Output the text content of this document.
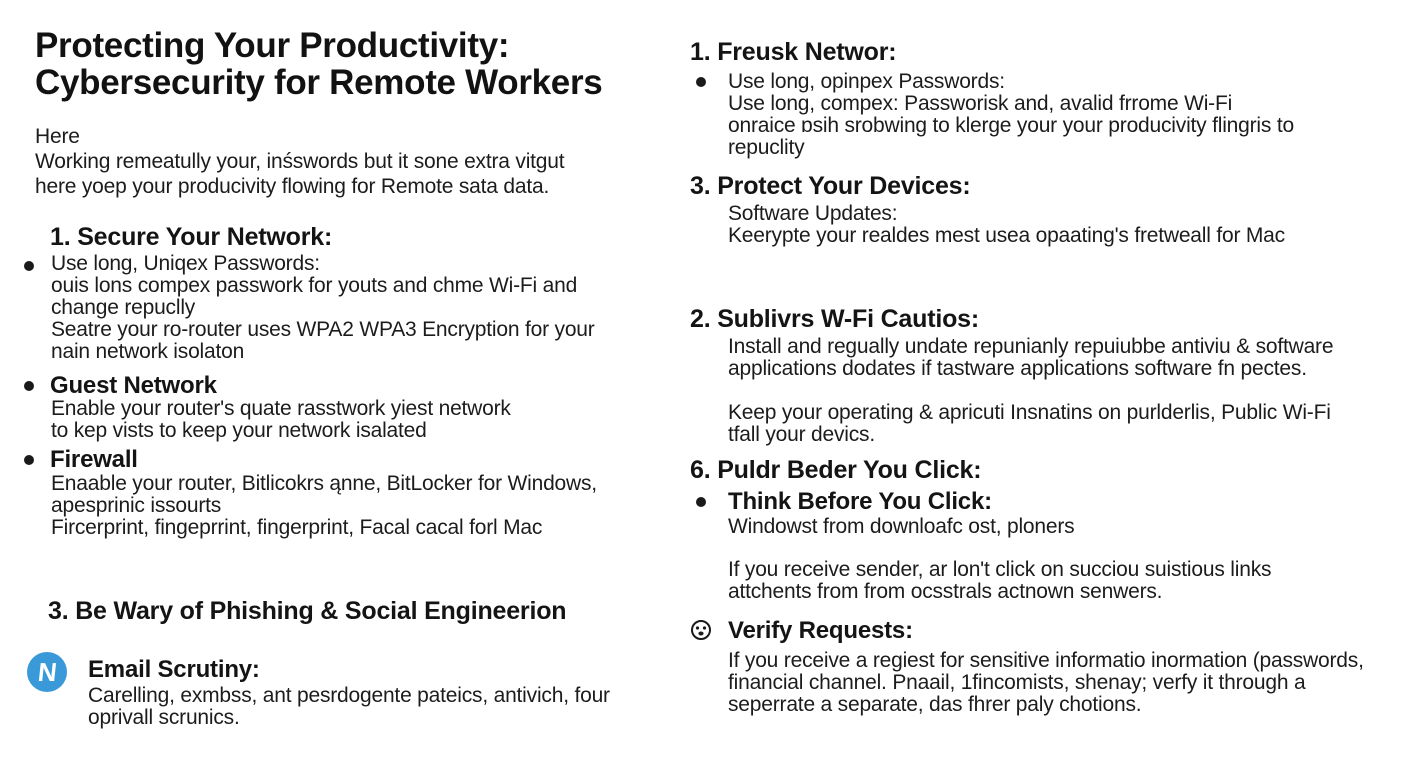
Protecting Your Productivity:
Cybersecurity for Remote Workers
Here
Working remeatully your, inśswords but it sone extra vitgut
here yoep your producivity flowing for Remote sata data.
1. Secure Your Network:
Use long, Uniqex Passwords:
ouis lons compex passwork for youts and chme Wi-Fi and
change repuclly
Seatre your ro-router uses WPA2 WPA3 Encryption for your
nain network isolaton
Guest Network
Enable your router's quate rasstwork yiest network
to kep vists to keep your network isalated
Firewall
Enaable your router, Bitlicokrs ąnne, BitLocker for Windows,
apesprinic issourts
Fircerprint, fingeprrint, fingerprint, Facal cacal forl Mac
3. Be Wary of Phishing & Social Engineerion
N Email Scrutiny:
Carelling, exmbss, ant pesrdogente pateics, antivich, four
oprivall scrunics.
1. Freusk Networ:
Use long, opinpex Passwords:
Use long, compex: Passworisk and, avalid frrome Wi-Fi
onraice ɒsih srobwing to klerge your your producivity flingris to
repuclity
3. Protect Your Devices:
Software Updates:
Keerypte your realdes mest usea opaating's fretweall for Mac
2. Sublivrs W-Fi Cautios:
Install and regually undate repunianly repuiubbe antiviu & software
applications dodates if tastware applications software fn pectes.
Keep your operating & apricuti Insnatins on purlderlis, Public Wi-Fi
tfall your devics.
6. Puldr Beder You Click:
Think Before You Click:
Windowst from downloafc ost, ploners
If you receive sender, ar lon't click on succiou suistious links
attchents from from ocsstrals actnown senwers.
Verify Requests:
If you receive a regiest for sensitive informatio inormation (passwords,
financial channel. Pnaail, 1fincomists, shenay; verfy it through a
seperrate a separate, das fhrer paly chotions.
